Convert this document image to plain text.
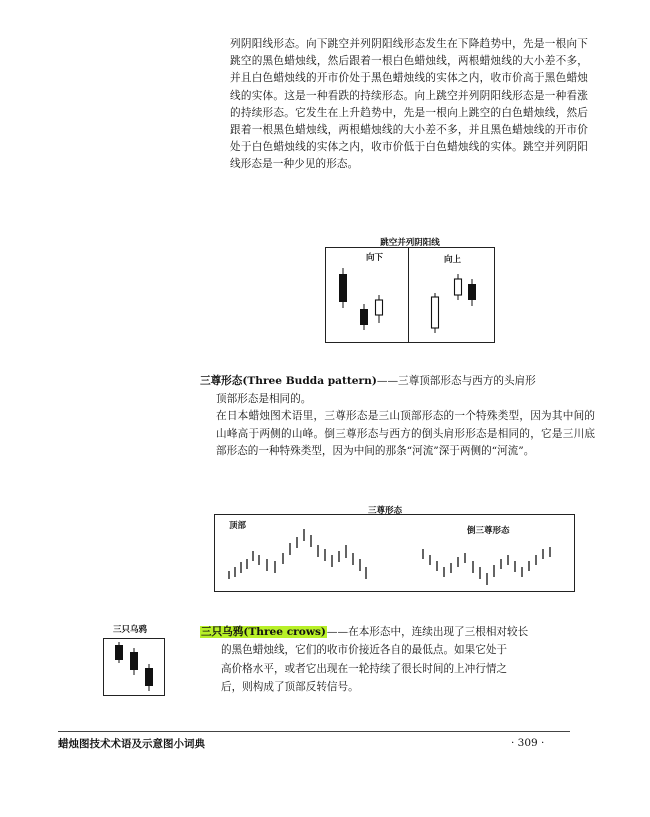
列阴阳线形态。向下跳空并列阴阳线形态发生在下降趋势中，先是一根向下跳空的黑色蜡烛线，然后跟着一根白色蜡烛线，两根蜡烛线的大小差不多，并且白色蜡烛线的开市价处于黑色蜡烛线的实体之内，收市价高于黑色蜡烛线的实体。这是一种看跌的持续形态。向上跳空并列阴阳线形态是一种看涨的持续形态。它发生在上升趋势中，先是一根向上跳空的白色蜡烛线，然后跟着一根黑色蜡烛线，两根蜡烛线的大小差不多，并且黑色蜡烛线的开市价处于白色蜡烛线的实体之内，收市价低于白色蜡烛线的实体。跳空并列阴阳线形态是一种少见的形态。
跳空并列阴阳线
向下	向上
三尊形态(Three Budda pattern)——三尊顶部形态与西方的头肩形
顶部形态是相同的。
在日本蜡烛图术语里，三尊形态是三山顶部形态的一个特殊类型，因为其中间的山峰高于两侧的山峰。倒三尊形态与西方的倒头肩形形态是相同的，它是三川底部形态的一种特殊类型，因为中间的那条“河流”深于两侧的“河流”。
三尊形态
顶部	倒三尊形态
三只乌鸦	三只乌鸦(Three crows)——在本形态中，连续出现了三根相对较长
的黑色蜡烛线，它们的收市价接近各自的最低点。如果它处于
高价格水平，或者它出现在一轮持续了很长时间的上冲行情之
后，则构成了顶部反转信号。
蜡烛图技术术语及示意图小词典	· 309 ·
